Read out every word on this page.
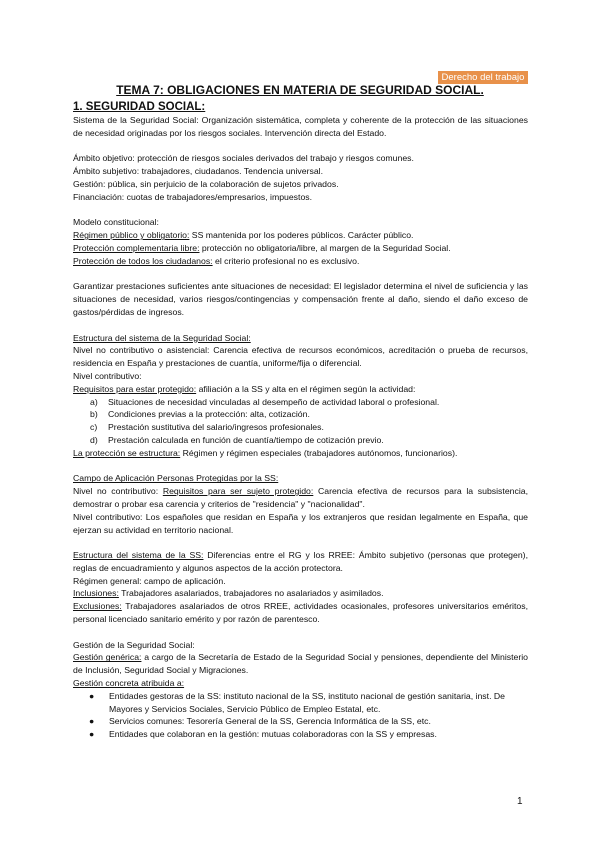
Derecho del trabajo
TEMA 7: OBLIGACIONES EN MATERIA DE SEGURIDAD SOCIAL.

1. SEGURIDAD SOCIAL:

Sistema de la Seguridad Social: Organización sistemática, completa y coherente de la protección de las situaciones de necesidad originadas por los riesgos sociales. Intervención directa del Estado.

Ámbito objetivo: protección de riesgos sociales derivados del trabajo y riesgos comunes.

Ámbito subjetivo: trabajadores, ciudadanos. Tendencia universal.

Gestión: pública, sin perjuicio de la colaboración de sujetos privados.

Financiación: cuotas de trabajadores/empresarios, impuestos.

Modelo constitucional:

Régimen público y obligatorio: SS mantenida por los poderes públicos. Carácter público.

Protección complementaria libre: protección no obligatoria/libre, al margen de la Seguridad Social.

Protección de todos los ciudadanos: el criterio profesional no es exclusivo.

Garantizar prestaciones suficientes ante situaciones de necesidad: El legislador determina el nivel de suficiencia y las situaciones de necesidad, varios riesgos/contingencias y compensación frente al daño, siendo el daño exceso de gastos/pérdidas de ingresos.

Estructura del sistema de la Seguridad Social:

Nivel no contributivo o asistencial: Carencia efectiva de recursos económicos, acreditación o prueba de recursos, residencia en España y prestaciones de cuantía, uniforme/fija o diferencial.

Nivel contributivo:

Requisitos para estar protegido: afiliación a la SS y alta en el régimen según la actividad:

a) Situaciones de necesidad vinculadas al desempeño de actividad laboral o profesional.
b) Condiciones previas a la protección: alta, cotización.
c) Prestación sustitutiva del salario/ingresos profesionales.
d) Prestación calculada en función de cuantía/tiempo de cotización previo.

La protección se estructura: Régimen y régimen especiales (trabajadores autónomos, funcionarios).

Campo de Aplicación Personas Protegidas por la SS:

Nivel no contributivo: Requisitos para ser sujeto protegido: Carencia efectiva de recursos para la subsistencia, demostrar o probar esa carencia y criterios de "residencia" y "nacionalidad".

Nivel contributivo: Los españoles que residan en España y los extranjeros que residan legalmente en España, que ejerzan su actividad en territorio nacional.

Estructura del sistema de la SS: Diferencias entre el RG y los RREE: Ámbito subjetivo (personas que protegen), reglas de encuadramiento y algunos aspectos de la acción protectora.

Régimen general: campo de aplicación.

Inclusiones: Trabajadores asalariados, trabajadores no asalariados y asimilados.

Exclusiones: Trabajadores asalariados de otros RREE, actividades ocasionales, profesores universitarios eméritos, personal licenciado sanitario emérito y por razón de parentesco.

Gestión de la Seguridad Social:

Gestión genérica: a cargo de la Secretaría de Estado de la Seguridad Social y pensiones, dependiente del Ministerio de Inclusión, Seguridad Social y Migraciones.

Gestión concreta atribuida a:

● Entidades gestoras de la SS: instituto nacional de la SS, instituto nacional de gestión sanitaria, inst. De Mayores y Servicios Sociales, Servicio Público de Empleo Estatal, etc.
● Servicios comunes: Tesorería General de la SS, Gerencia Informática de la SS, etc.
● Entidades que colaboran en la gestión: mutuas colaboradoras con la SS y empresas.
1
